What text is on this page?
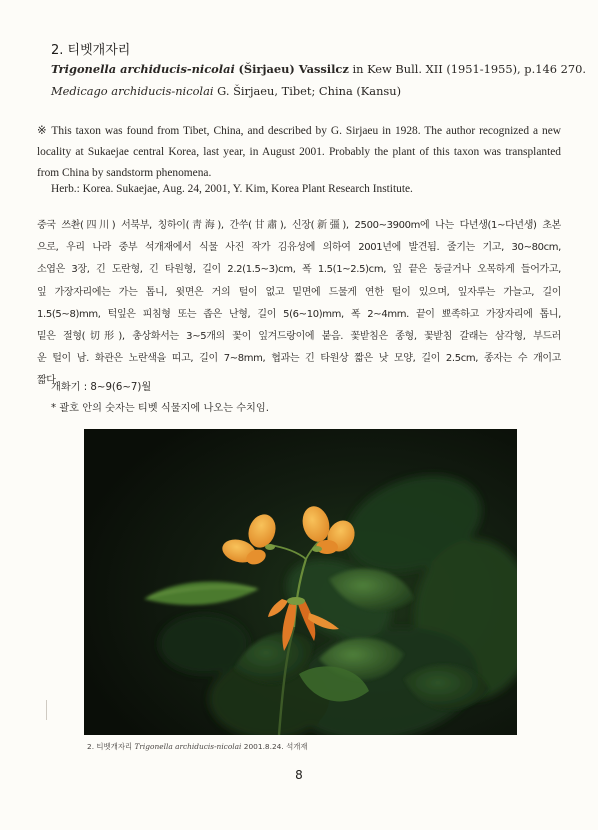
2. 티벳개자리
Trigonella archiducis-nicolai (Širjaeu) Vassilcz in Kew Bull. XII (1951-1955), p.146 270.
Medicago archiducis-nicolai G. Širjaeu, Tibet; China (Kansu)
※ This taxon was found from Tibet, China, and described by G. Sirjaeu in 1928. The author recognized a new locality at Sukaejae central Korea, last year, in August 2001. Probably the plant of this taxon was transplanted from China by sandstorm phenomena.
Herb.: Korea. Sukaejae, Aug. 24, 2001, Y. Kim, Korea Plant Research Institute.
중국 쓰촨(四川) 서북부, 칭하이(靑海), 간쑤(甘肅), 신장(新彊), 2500~3900m에 나는 다년생(1~다년생) 초본
으로, 우리 나라 중부 석개재에서 식물 사진 작가 김유성에 의하여 2001년에 발견됨. 줄기는 기고, 30~80cm,
소엽은 3장, 긴 도란형, 긴 타원형, 길이 2.2(1.5~3)cm, 폭 1.5(1~2.5)cm, 잎 끝은 둥글거나 오목하게 들어가고,
잎 가장자리에는 가는 톱니, 윗면은 거의 털이 없고 밑면에 드물게 연한 털이 있으며, 잎자루는 가늘고, 길이
1.5(5~8)mm, 턱잎은 피침형 또는 좁은 난형, 길이 5(6~10)mm, 폭 2~4mm. 끝이 뾰족하고 가장자리에 톱니,
밑은 절형(切形), 총상화서는 3~5개의 꽃이 잎겨드랑이에 붙음. 꽃받침은 종형, 꽃받침 갈래는 삼각형, 부드러
운 털이 남. 화관은 노란색을 띠고, 길이 7~8mm, 협과는 긴 타원상 짧은 낫 모양, 길이 2.5cm, 종자는 수 개이고
짧다.
개화기 : 8~9(6~7)월
* 괄호 안의 숫자는 티벳 식물지에 나오는 수치임.
2. 티벳개자리 Trigonella archiducis-nicolai 2001.8.24. 석개재
8
